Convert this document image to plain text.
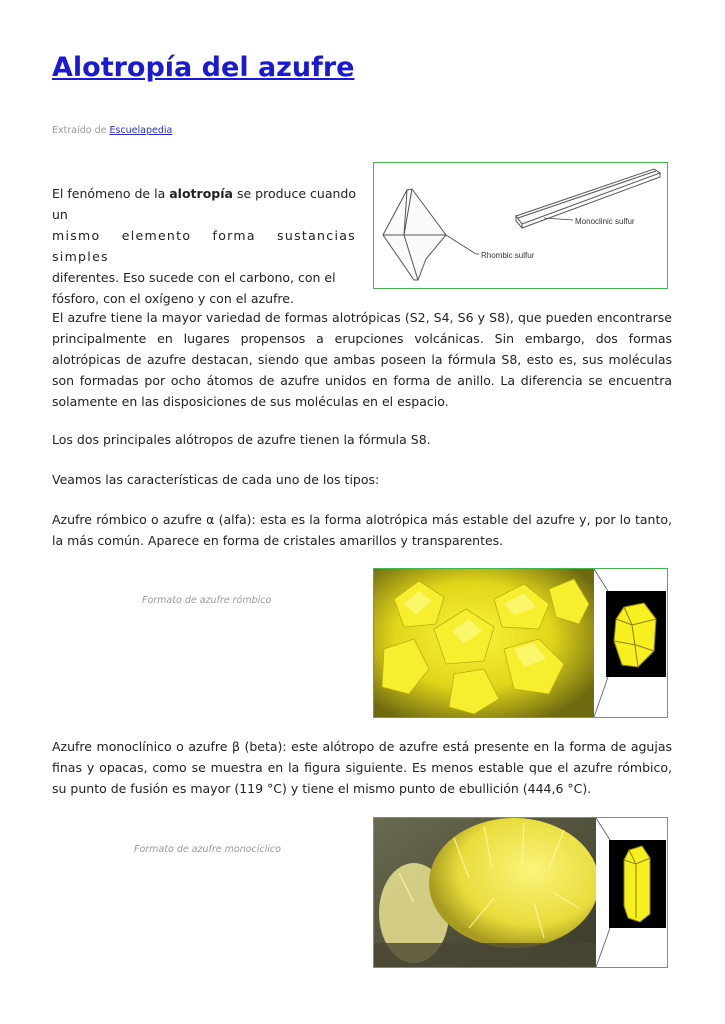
Alotropía del azufre
Extraído de Escuelapedia
El fenómeno de la alotropía se produce cuando un
mismo elemento forma sustancias simples
diferentes. Eso sucede con el carbono, con el
fósforo, con el oxígeno y con el azufre.
Rhombic sulfur
Monoclinic sulfur

El azufre tiene la mayor variedad de formas alotrópicas (S2, S4, S6 y S8), que pueden encontrarse principalmente en lugares propensos a erupciones volcánicas. Sin embargo, dos formas alotrópicas de azufre destacan, siendo que ambas poseen la fórmula S8, esto es, sus moléculas son formadas por ocho átomos de azufre unidos en forma de anillo. La diferencia se encuentra solamente en las disposiciones de sus moléculas en el espacio.

Los dos principales alótropos de azufre tienen la fórmula S8.

Veamos las características de cada uno de los tipos:

Azufre rómbico o azufre α (alfa): esta es la forma alotrópica más estable del azufre y, por lo tanto, la más común. Aparece en forma de cristales amarillos y transparentes.

Formato de azufre rómbico

Azufre monoclínico o azufre β (beta): este alótropo de azufre está presente en la forma de agujas finas y opacas, como se muestra en la figura siguiente. Es menos estable que el azufre rómbico, su punto de fusión es mayor (119 °C) y tiene el mismo punto de ebullición (444,6 °C).

Formato de azufre monocíclico
